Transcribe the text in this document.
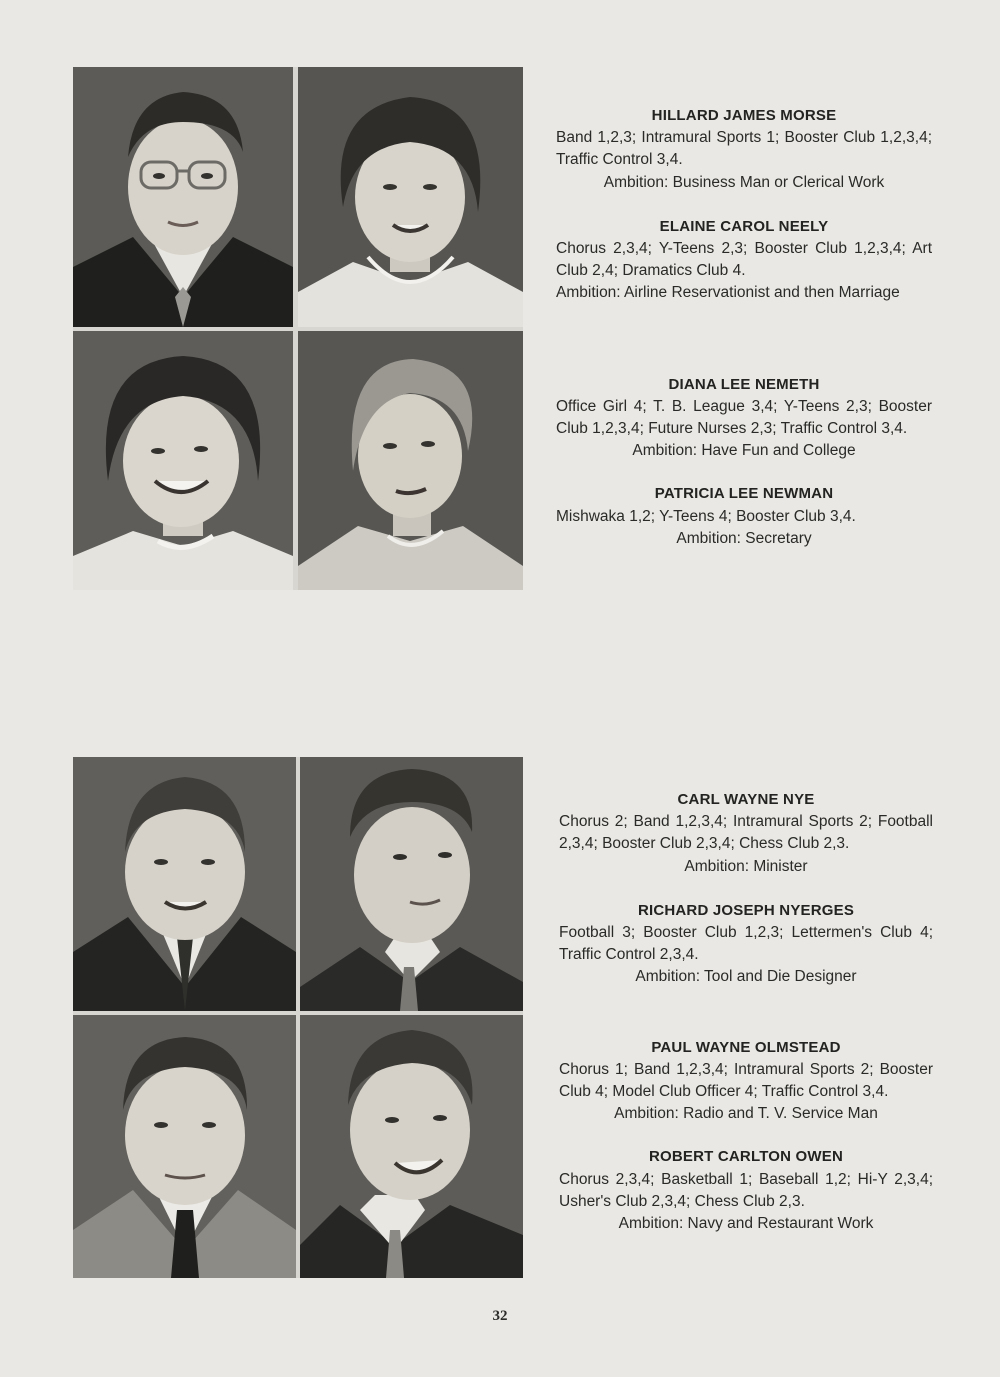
HILLARD JAMES MORSE
Band 1,2,3; Intramural Sports 1; Booster Club 1,2,3,4; Traffic Control 3,4.
Ambition: Business Man or Clerical Work
ELAINE CAROL NEELY
Chorus 2,3,4; Y-Teens 2,3; Booster Club 1,2,3,4; Art Club 2,4; Dramatics Club 4.
Ambition: Airline Reservationist and then Marriage
DIANA LEE NEMETH
Office Girl 4; T. B. League 3,4; Y-Teens 2,3; Booster Club 1,2,3,4; Future Nurses 2,3; Traffic Control 3,4.
Ambition: Have Fun and College
PATRICIA LEE NEWMAN
Mishwaka 1,2; Y-Teens 4; Booster Club 3,4.
Ambition: Secretary
CARL WAYNE NYE
Chorus 2; Band 1,2,3,4; Intramural Sports 2; Football 2,3,4; Booster Club 2,3,4; Chess Club 2,3.
Ambition: Minister
RICHARD JOSEPH NYERGES
Football 3; Booster Club 1,2,3; Lettermen's Club 4; Traffic Control 2,3,4.
Ambition: Tool and Die Designer
PAUL WAYNE OLMSTEAD
Chorus 1; Band 1,2,3,4; Intramural Sports 2; Booster Club 4; Model Club Officer 4; Traffic Control 3,4.
Ambition: Radio and T. V. Service Man
ROBERT CARLTON OWEN
Chorus 2,3,4; Basketball 1; Baseball 1,2; Hi-Y 2,3,4; Usher's Club 2,3,4; Chess Club 2,3.
Ambition: Navy and Restaurant Work
32
